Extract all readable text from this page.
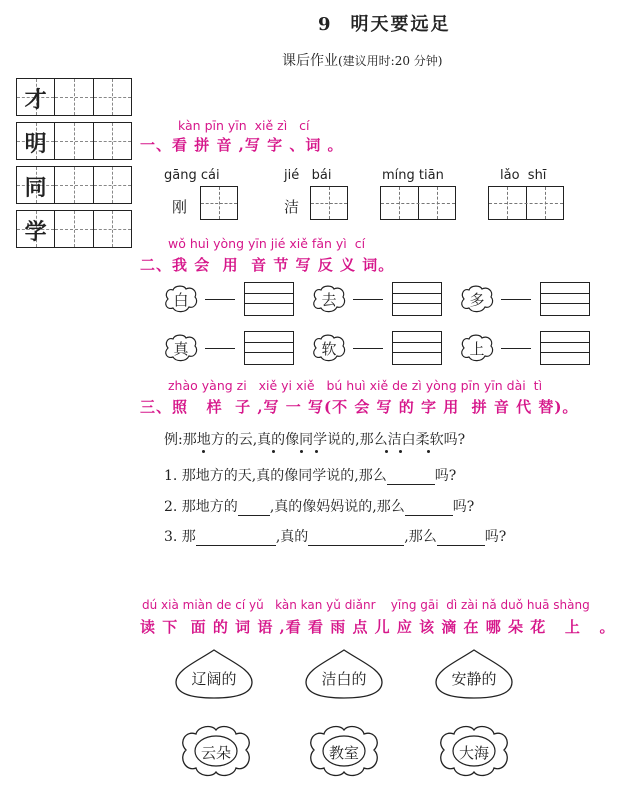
9 明天要远足
课后作业(建议用时:20 分钟)
才
明
同
学
kàn pīn yīn  xiě zì   cí
一、看 拼 音 ,写 字 、词 。
gāng cái
刚
jié   bái
洁
míng tiān	lǎo  shī
wǒ huì yòng yīn jié xiě fǎn yì  cí
二、我 会  用  音 节 写 反 义 词。
白	去	多
真	软	上
zhào yàng zi   xiě yi xiě   bú huì xiě de zì yòng pīn yīn dài  tì
三、照   样  子 ,写 一 写(不 会 写 的 字 用  拼 音 代 替)。
例:那地方的云,真的像同学说的,那么洁白柔软吗?
1. 那地方的天,真的像同学说的,那么	吗?
2. 那地方的 ,真的像妈妈说的,那么	吗?
3. 那	,真的	,那么	吗?
dú xià miàn de cí yǔ   kàn kan yǔ diǎnr    yīng gāi  dì zài nǎ duǒ huā shàng
读 下  面 的 词 语 ,看 看 雨 点 儿 应 该 滴 在 哪 朵 花   上   。
辽阔的	洁白的	安静的
云朵	教室	大海
